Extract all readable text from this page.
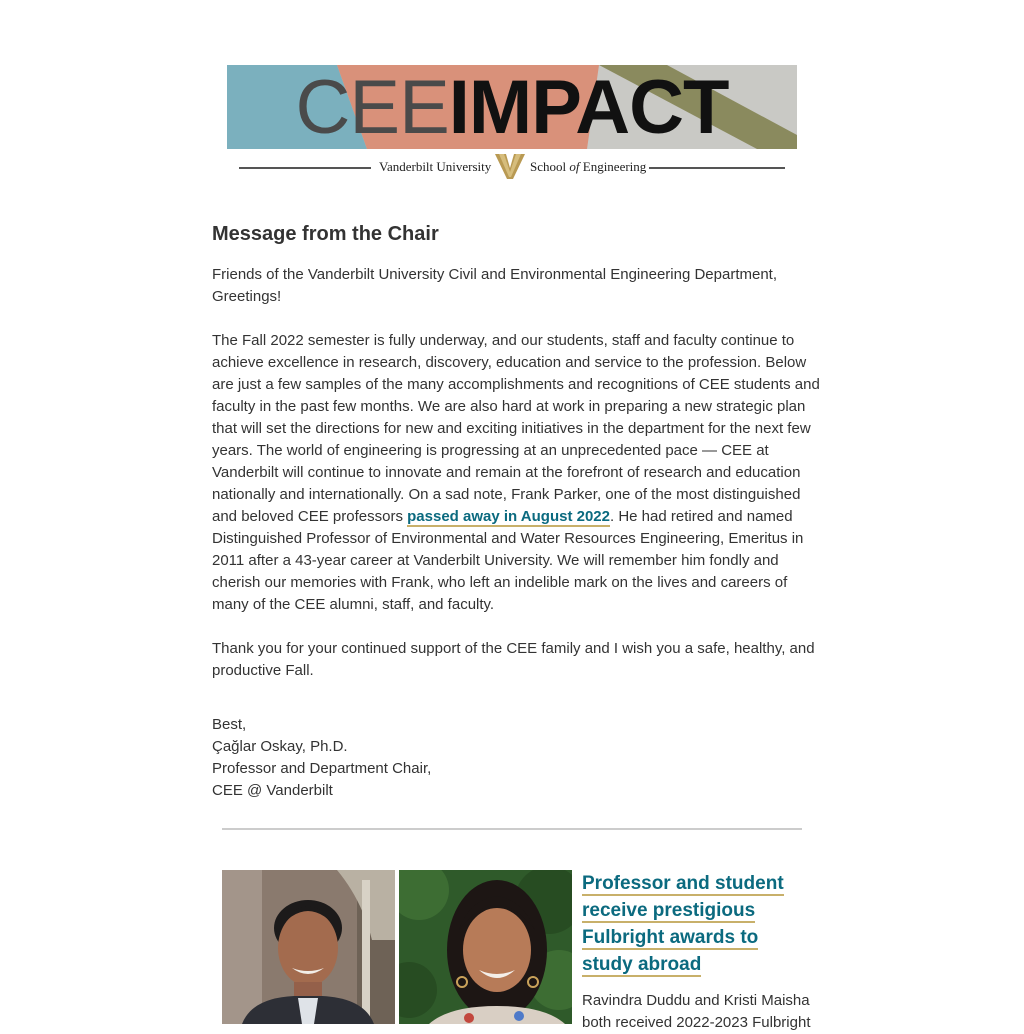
CEE IMPACT
Vanderbilt University	School of Engineering
Message from the Chair

Friends of the Vanderbilt University Civil and Environmental Engineering Department,
Greetings!

The Fall 2022 semester is fully underway, and our students, staff and faculty continue to achieve excellence in research, discovery, education and service to the profession. Below are just a few samples of the many accomplishments and recognitions of CEE students and faculty in the past few months. We are also hard at work in preparing a new strategic plan that will set the directions for new and exciting initiatives in the department for the next few years. The world of engineering is progressing at an unprecedented pace — CEE at Vanderbilt will continue to innovate and remain at the forefront of research and education nationally and internationally. On a sad note, Frank Parker, one of the most distinguished and beloved CEE professors passed away in August 2022. He had retired and named Distinguished Professor of Environmental and Water Resources Engineering, Emeritus in 2011 after a 43-year career at Vanderbilt University. We will remember him fondly and cherish our memories with Frank, who left an indelible mark on the lives and careers of many of the CEE alumni, staff, and faculty.

Thank you for your continued support of the CEE family and I wish you a safe, healthy, and productive Fall.

Best,
Çağlar Oskay, Ph.D.
Professor and Department Chair,
CEE @ Vanderbilt

Professor and student receive prestigious Fulbright awards to study abroad

Ravindra Duddu and Kristi Maisha both received 2022-2023 Fulbright
